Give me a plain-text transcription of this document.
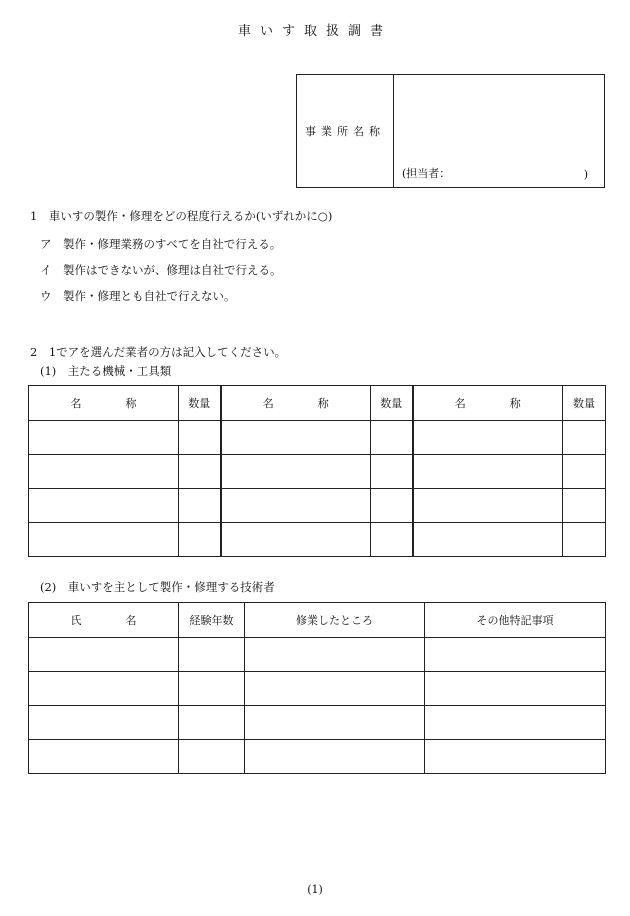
車いす取扱調書
事業所名称	
(担当者：	)
1　車いすの製作・修理をどの程度行えるか(いずれかに○)
ア　製作・修理業務のすべてを自社で行える。
イ　製作はできないが、修理は自社で行える。
ウ　製作・修理とも自社で行えない。
2　1でアを選んだ業者の方は記入してください。
(1)　主たる機械・工具類
名　　　　称	数量	名　　　　称	数量	名　　　　称	数量

(2)　車いすを主として製作・修理する技術者
氏　　　　名	経験年数	修業したところ	その他特記事項

(1)
